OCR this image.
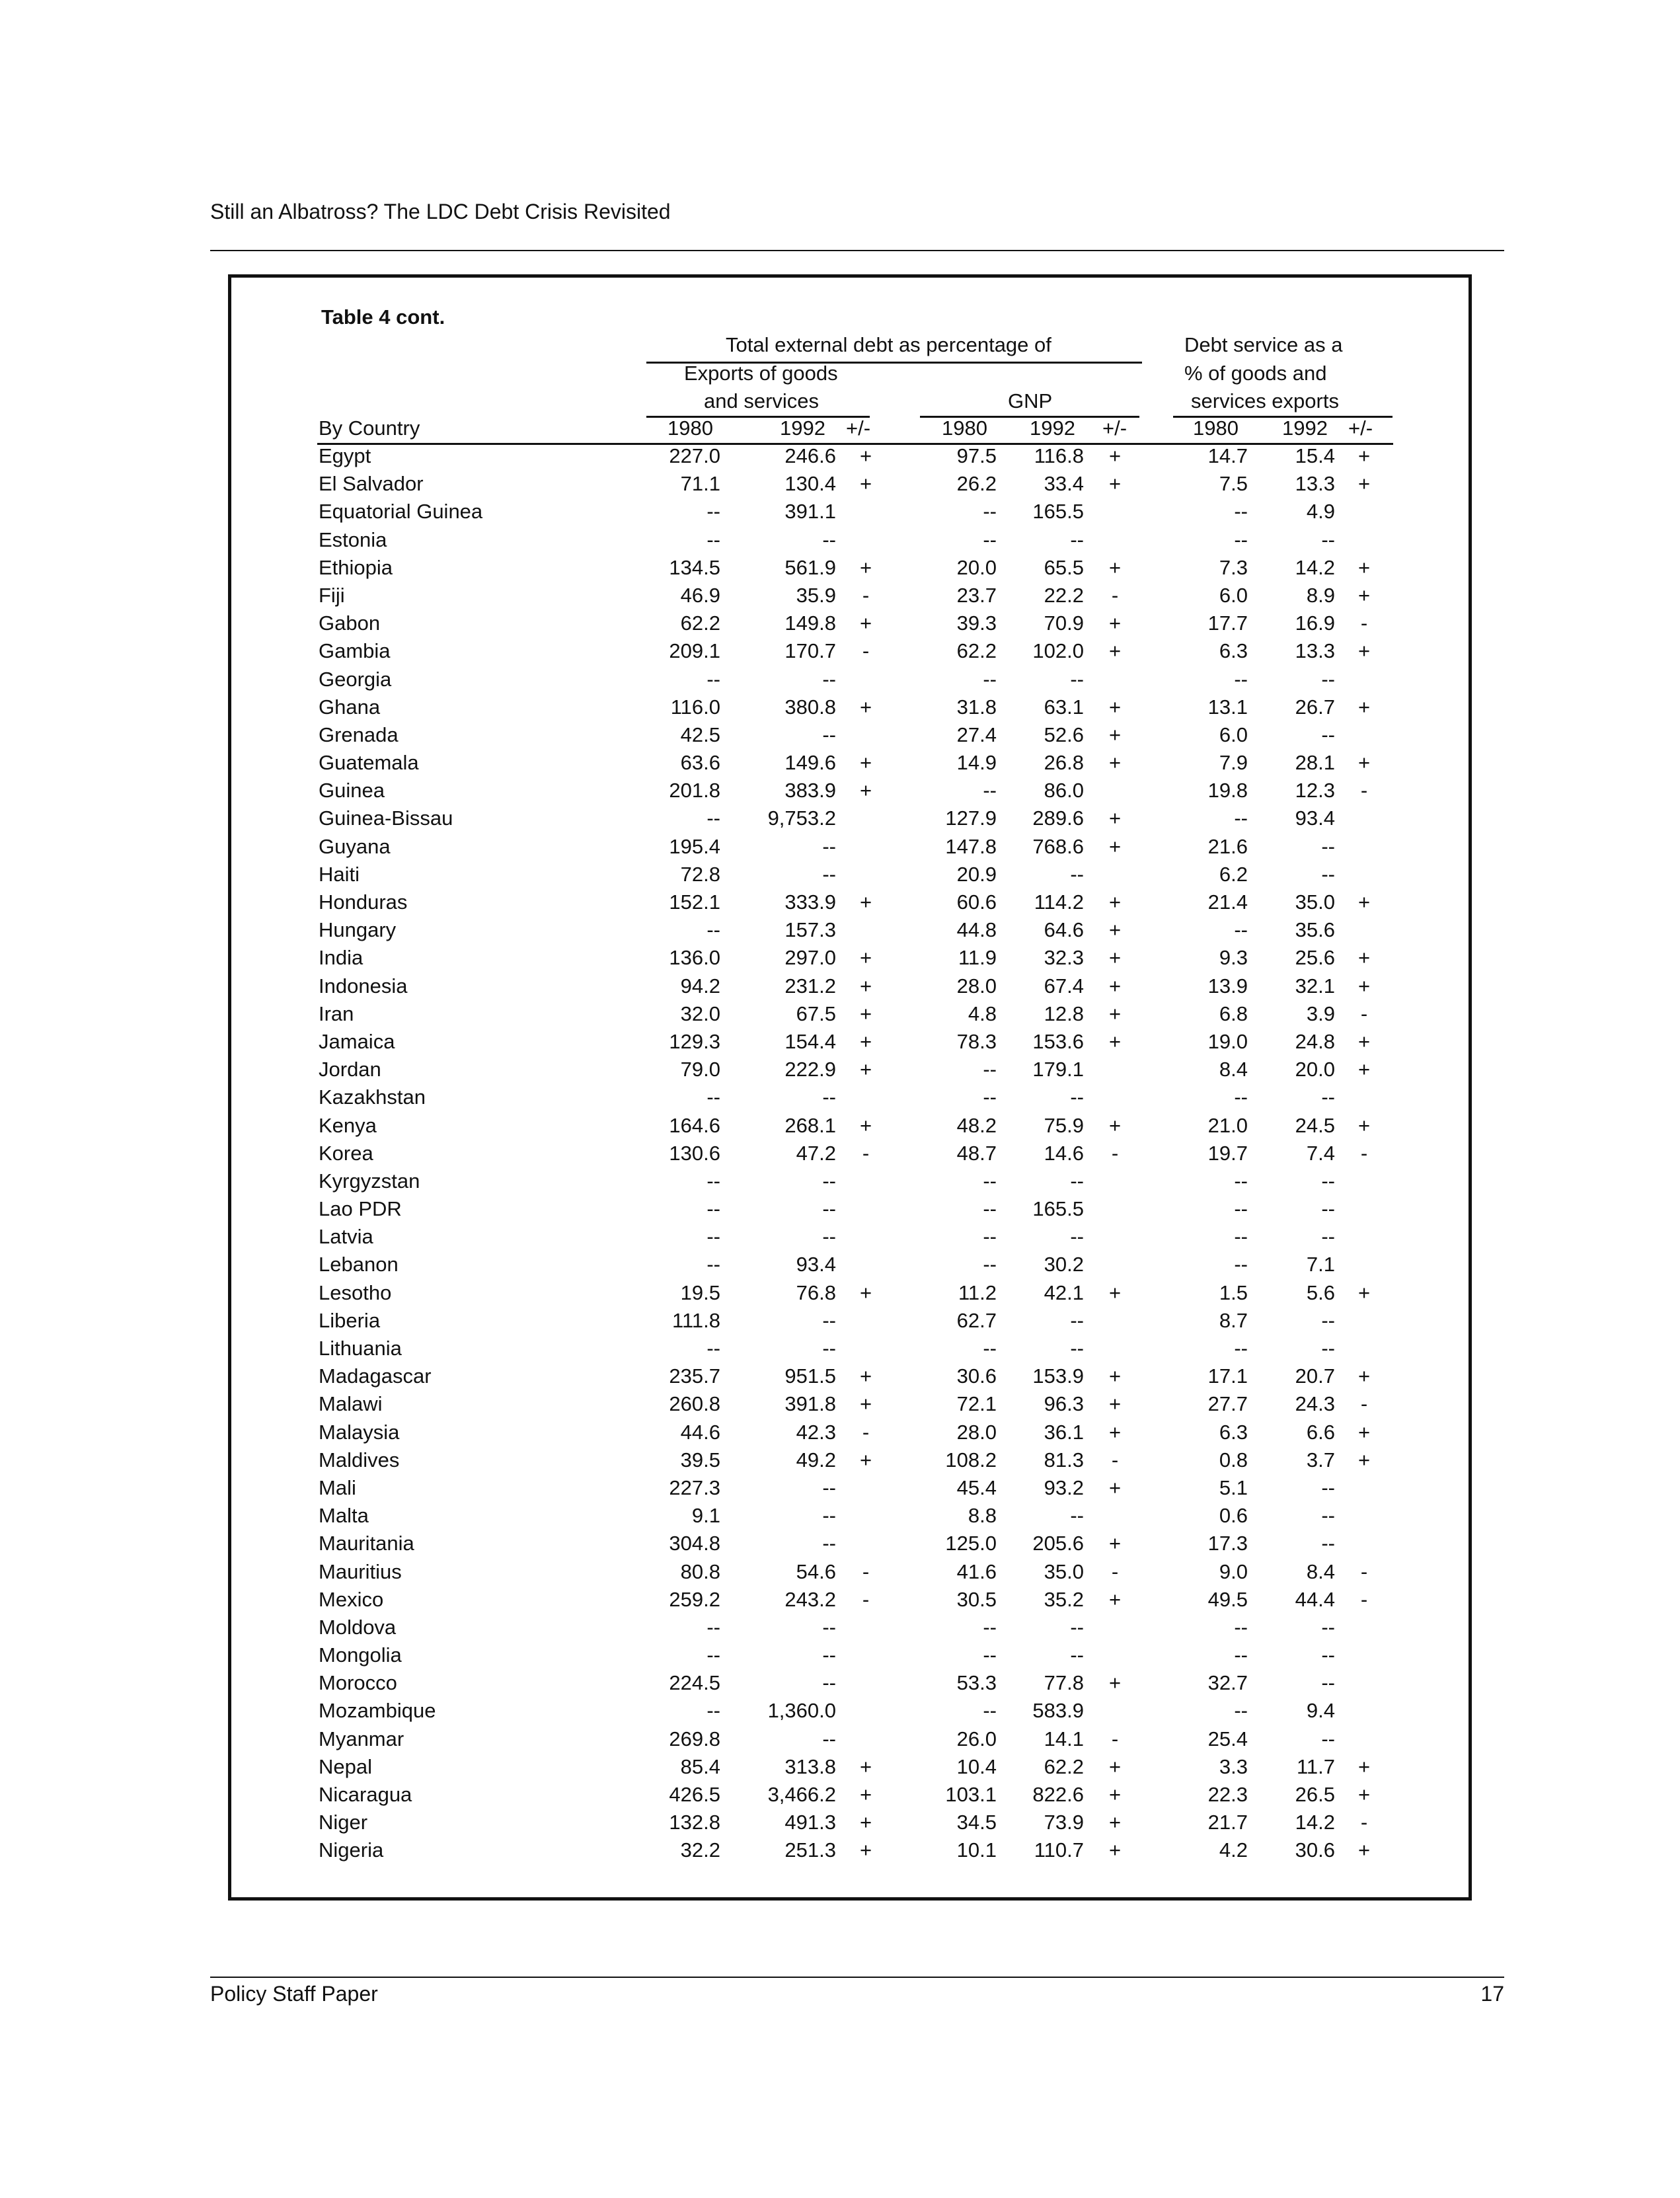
Still an Albatross? The LDC Debt Crisis Revisited
Table 4 cont.
Total external debt as percentage of
Exports of goods
and services	GNP
Debt service as a
% of goods and
services exports
By Country	1980	1992 +/-	1980 1992 +/-	1980 1992 +/-
Egypt	227.0	246.6 +	97.5	116.8 +	14.7	15.4 +
El Salvador	71.1	130.4 +	26.2	33.4 +	7.5	13.3 +
Equatorial Guinea	--	391.1	--	165.5	--	4.9
Estonia	--	--	--	--	--	--
Ethiopia	134.5	561.9 +	20.0	65.5 +	7.3	14.2 +
Fiji	46.9	35.9 -	23.7	22.2 -	6.0	8.9 +
Gabon	62.2	149.8 +	39.3	70.9 +	17.7	16.9 -
Gambia	209.1	170.7 -	62.2	102.0 +	6.3	13.3 +
Georgia	--	--	--	--	--	--
Ghana	116.0	380.8 +	31.8	63.1 +	13.1	26.7 +
Grenada	42.5	--	27.4	52.6 +	6.0	--
Guatemala	63.6	149.6 +	14.9	26.8 +	7.9	28.1 +
Guinea	201.8	383.9 +	--	86.0	19.8	12.3 -
Guinea-Bissau	--	9,753.2	127.9	289.6 +	--	93.4
Guyana	195.4	--	147.8	768.6 +	21.6	--
Haiti	72.8	--	20.9	--	6.2	--
Honduras	152.1	333.9 +	60.6	114.2 +	21.4	35.0 +
Hungary	--	157.3	44.8	64.6 +	--	35.6
India	136.0	297.0 +	11.9	32.3 +	9.3	25.6 +
Indonesia	94.2	231.2 +	28.0	67.4 +	13.9	32.1 +
Iran	32.0	67.5 +	4.8	12.8 +	6.8	3.9 -
Jamaica	129.3	154.4 +	78.3	153.6 +	19.0	24.8 +
Jordan	79.0	222.9 +	--	179.1	8.4	20.0 +
Kazakhstan	--	--	--	--	--	--
Kenya	164.6	268.1 +	48.2	75.9 +	21.0	24.5 +
Korea	130.6	47.2 -	48.7	14.6 -	19.7	7.4 -
Kyrgyzstan	--	--	--	--	--	--
Lao PDR	--	--	--	165.5	--	--
Latvia	--	--	--	--	--	--
Lebanon	--	93.4	--	30.2	--	7.1
Lesotho	19.5	76.8 +	11.2	42.1 +	1.5	5.6 +
Liberia	111.8	--	62.7	--	8.7	--
Lithuania	--	--	--	--	--	--
Madagascar	235.7	951.5 +	30.6	153.9 +	17.1	20.7 +
Malawi	260.8	391.8 +	72.1	96.3 +	27.7	24.3 -
Malaysia	44.6	42.3 -	28.0	36.1 +	6.3	6.6 +
Maldives	39.5	49.2 +	108.2	81.3 -	0.8	3.7 +
Mali	227.3	--	45.4	93.2 +	5.1	--
Malta	9.1	--	8.8	--	0.6	--
Mauritania	304.8	--	125.0	205.6 +	17.3	--
Mauritius	80.8	54.6 -	41.6	35.0 -	9.0	8.4 -
Mexico	259.2	243.2 -	30.5	35.2 +	49.5	44.4 -
Moldova	--	--	--	--	--	--
Mongolia	--	--	--	--	--	--
Morocco	224.5	--	53.3	77.8 +	32.7	--
Mozambique	--	1,360.0	--	583.9	--	9.4
Myanmar	269.8	--	26.0	14.1 -	25.4	--
Nepal	85.4	313.8 +	10.4	62.2 +	3.3	11.7 +
Nicaragua	426.5	3,466.2 +	103.1	822.6 +	22.3	26.5 +
Niger	132.8	491.3 +	34.5	73.9 +	21.7	14.2 -
Nigeria	32.2	251.3 +	10.1	110.7 +	4.2	30.6 +
Policy Staff Paper	17
